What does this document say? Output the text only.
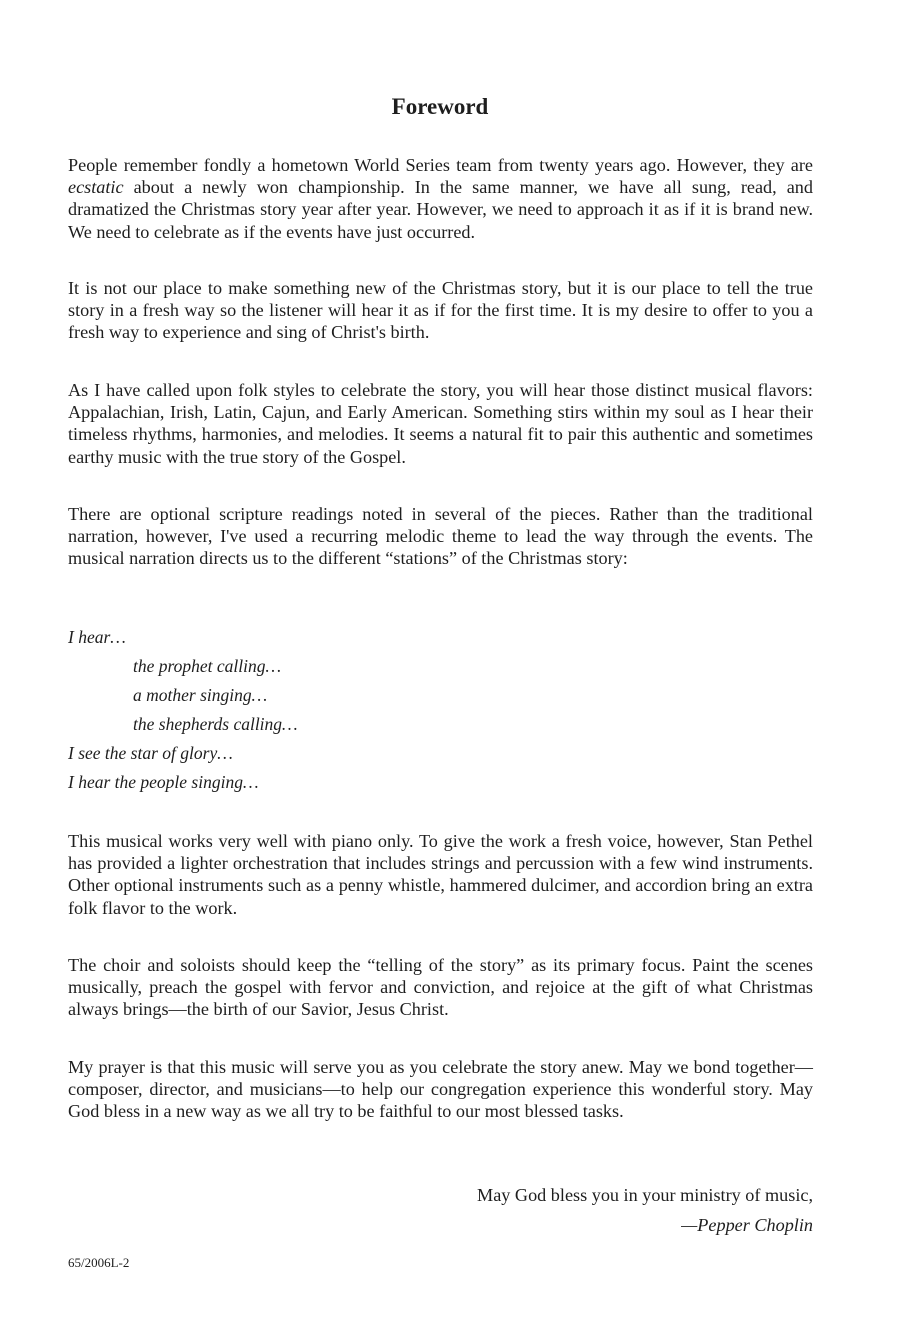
Foreword

People remember fondly a hometown World Series team from twenty years ago. However, they are ecstatic about a newly won championship. In the same manner, we have all sung, read, and dramatized the Christmas story year after year. However, we need to approach it as if it is brand new. We need to celebrate as if the events have just occurred.

It is not our place to make something new of the Christmas story, but it is our place to tell the true story in a fresh way so the listener will hear it as if for the first time. It is my desire to offer to you a fresh way to experience and sing of Christ's birth.

As I have called upon folk styles to celebrate the story, you will hear those distinct musical flavors: Appalachian, Irish, Latin, Cajun, and Early American. Something stirs within my soul as I hear their timeless rhythms, harmonies, and melodies. It seems a natural fit to pair this authentic and sometimes earthy music with the true story of the Gospel.

There are optional scripture readings noted in several of the pieces. Rather than the traditional narration, however, I've used a recurring melodic theme to lead the way through the events. The musical narration directs us to the different “stations” of the Christmas story:

I hear…
the prophet calling…
a mother singing…
the shepherds calling…
I see the star of glory…
I hear the people singing…

This musical works very well with piano only. To give the work a fresh voice, however, Stan Pethel has provided a lighter orchestration that includes strings and percussion with a few wind instruments. Other optional instruments such as a penny whistle, hammered dulcimer, and accordion bring an extra folk flavor to the work.

The choir and soloists should keep the “telling of the story” as its primary focus. Paint the scenes musically, preach the gospel with fervor and conviction, and rejoice at the gift of what Christmas always brings—the birth of our Savior, Jesus Christ.

My prayer is that this music will serve you as you celebrate the story anew. May we bond together—composer, director, and musicians—to help our congregation experience this wonderful story. May God bless in a new way as we all try to be faithful to our most blessed tasks.

May God bless you in your ministry of music,
—Pepper Choplin
65/2006L-2
